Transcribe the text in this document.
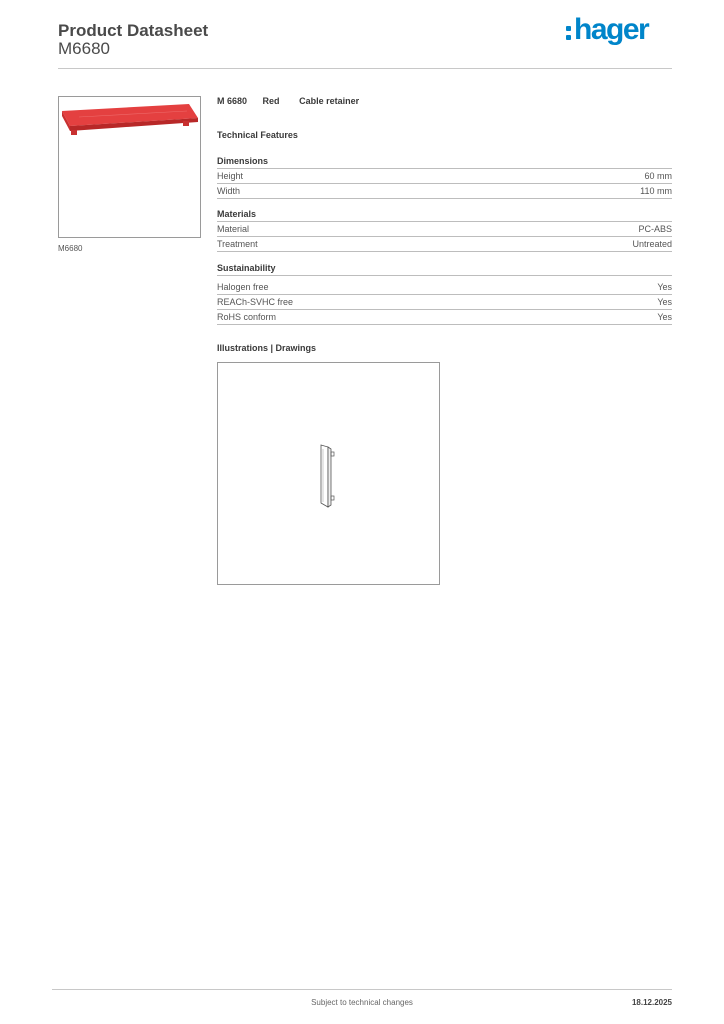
Product Datasheet
M6680
hager
M6680
M 6680 Red Cable retainer
Technical Features
Dimensions
Height	60 mm
Width	110 mm
Materials
Material	PC-ABS
Treatment	Untreated
Sustainability
Halogen free	Yes
REACh-SVHC free	Yes
RoHS conform	Yes
Illustrations | Drawings
Subject to technical changes	18.12.2025
